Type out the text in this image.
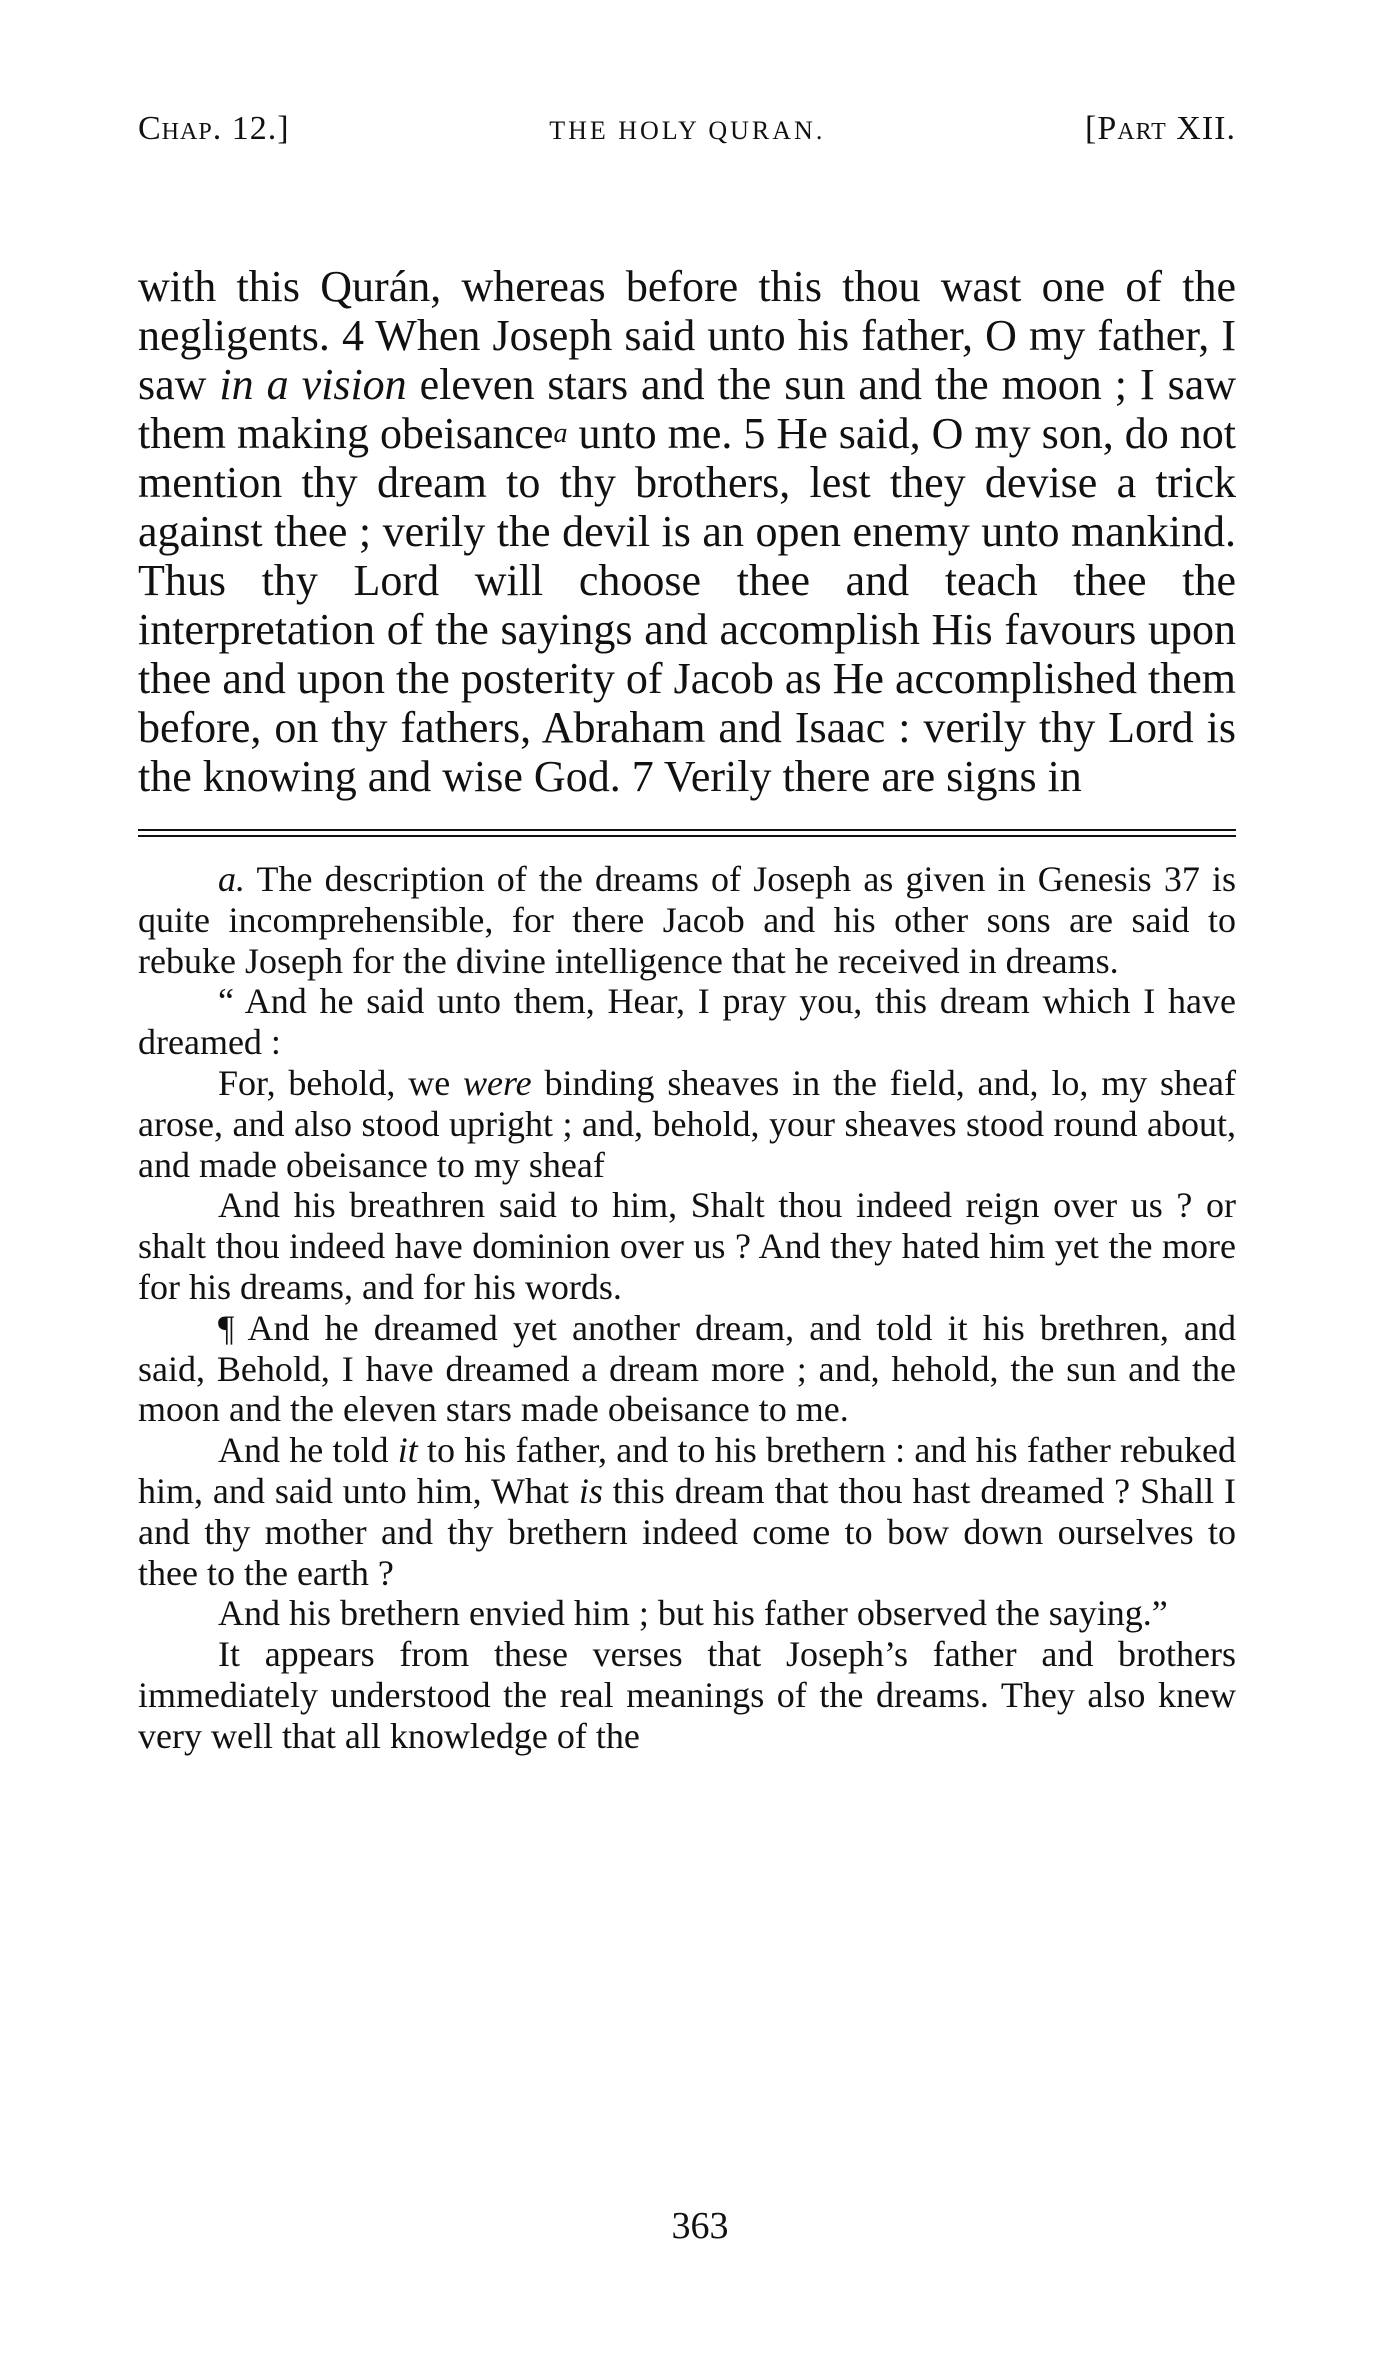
Chap. 12.]	THE HOLY QURAN.	[Part XII.

with this Qurán, whereas before this thou wast one of the negligents. 4 When Joseph said unto his father, O my father, I saw in a vision eleven stars and the sun and the moon ; I saw them making obeisance$^a$ unto me. 5 He said, O my son, do not mention thy dream to thy brothers, lest they devise a trick against thee ; verily the devil is an open enemy unto mankind. Thus thy Lord will choose thee and teach thee the interpretation of the sayings and accomplish His favours upon thee and upon the posterity of Jacob as He accomplished them before, on thy fathers, Abraham and Isaac : verily thy Lord is the knowing and wise God. 7 Verily there are signs in

a. The description of the dreams of Joseph as given in Genesis 37 is quite incomprehensible, for there Jacob and his other sons are said to rebuke Joseph for the divine intelligence that he received in dreams.

“ And he said unto them, Hear, I pray you, this dream which I have dreamed :

For, behold, we were binding sheaves in the field, and, lo, my sheaf arose, and also stood upright ; and, behold, your sheaves stood round about, and made obeisance to my sheaf

And his breathren said to him, Shalt thou indeed reign over us ? or shalt thou indeed have dominion over us ? And they hated him yet the more for his dreams, and for his words.

¶ And he dreamed yet another dream, and told it his brethren, and said, Behold, I have dreamed a dream more ; and, hehold, the sun and the moon and the eleven stars made obeisance to me.

And he told it to his father, and to his brethern : and his father rebuked him, and said unto him, What is this dream that thou hast dreamed ? Shall I and thy mother and thy brethern indeed come to bow down ourselves to thee to the earth ?

And his brethern envied him ; but his father observed the saying.”

It appears from these verses that Joseph’s father and brothers immediately understood the real meanings of the dreams. They also knew very well that all knowledge of the

363
